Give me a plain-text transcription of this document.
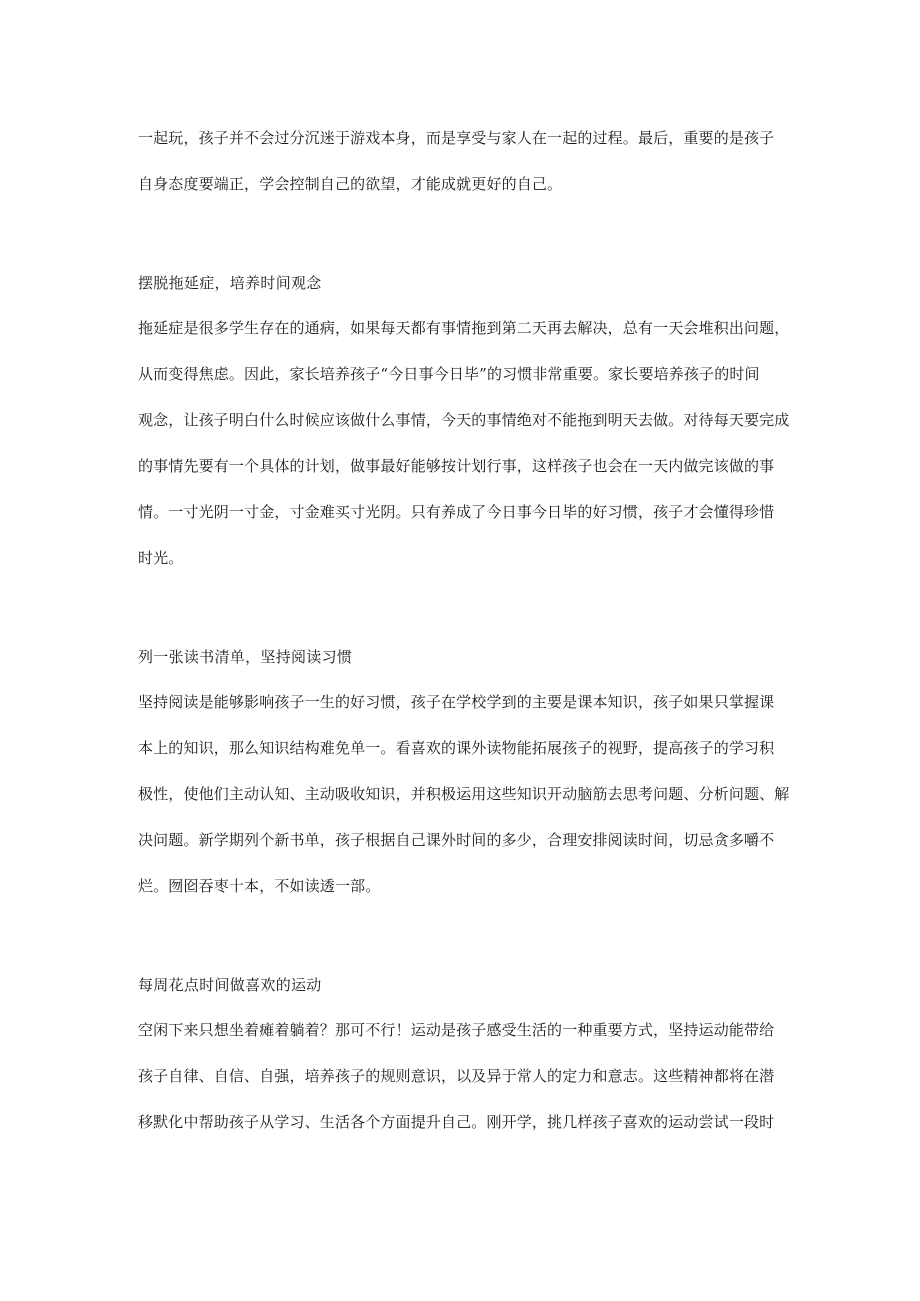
一起玩，孩子并不会过分沉迷于游戏本身，而是享受与家人在一起的过程。最后，重要的是孩子
自身态度要端正，学会控制自己的欲望，才能成就更好的自己。
摆脱拖延症，培养时间观念
拖延症是很多学生存在的通病，如果每天都有事情拖到第二天再去解决，总有一天会堆积出问题，
从而变得焦虑。因此，家长培养孩子“今日事今日毕”的习惯非常重要。家长要培养孩子的时间
观念，让孩子明白什么时候应该做什么事情，今天的事情绝对不能拖到明天去做。对待每天要完成
的事情先要有一个具体的计划，做事最好能够按计划行事，这样孩子也会在一天内做完该做的事
情。一寸光阴一寸金，寸金难买寸光阴。只有养成了今日事今日毕的好习惯，孩子才会懂得珍惜
时光。
列一张读书清单，坚持阅读习惯
坚持阅读是能够影响孩子一生的好习惯，孩子在学校学到的主要是课本知识，孩子如果只掌握课
本上的知识，那么知识结构难免单一。看喜欢的课外读物能拓展孩子的视野，提高孩子的学习积
极性，使他们主动认知、主动吸收知识，并积极运用这些知识开动脑筋去思考问题、分析问题、解
决问题。新学期列个新书单，孩子根据自己课外时间的多少，合理安排阅读时间，切忌贪多嚼不
烂。囫囵吞枣十本，不如读透一部。
每周花点时间做喜欢的运动
空闲下来只想坐着瘫着躺着？那可不行！运动是孩子感受生活的一种重要方式，坚持运动能带给
孩子自律、自信、自强，培养孩子的规则意识，以及异于常人的定力和意志。这些精神都将在潜
移默化中帮助孩子从学习、生活各个方面提升自己。刚开学，挑几样孩子喜欢的运动尝试一段时
